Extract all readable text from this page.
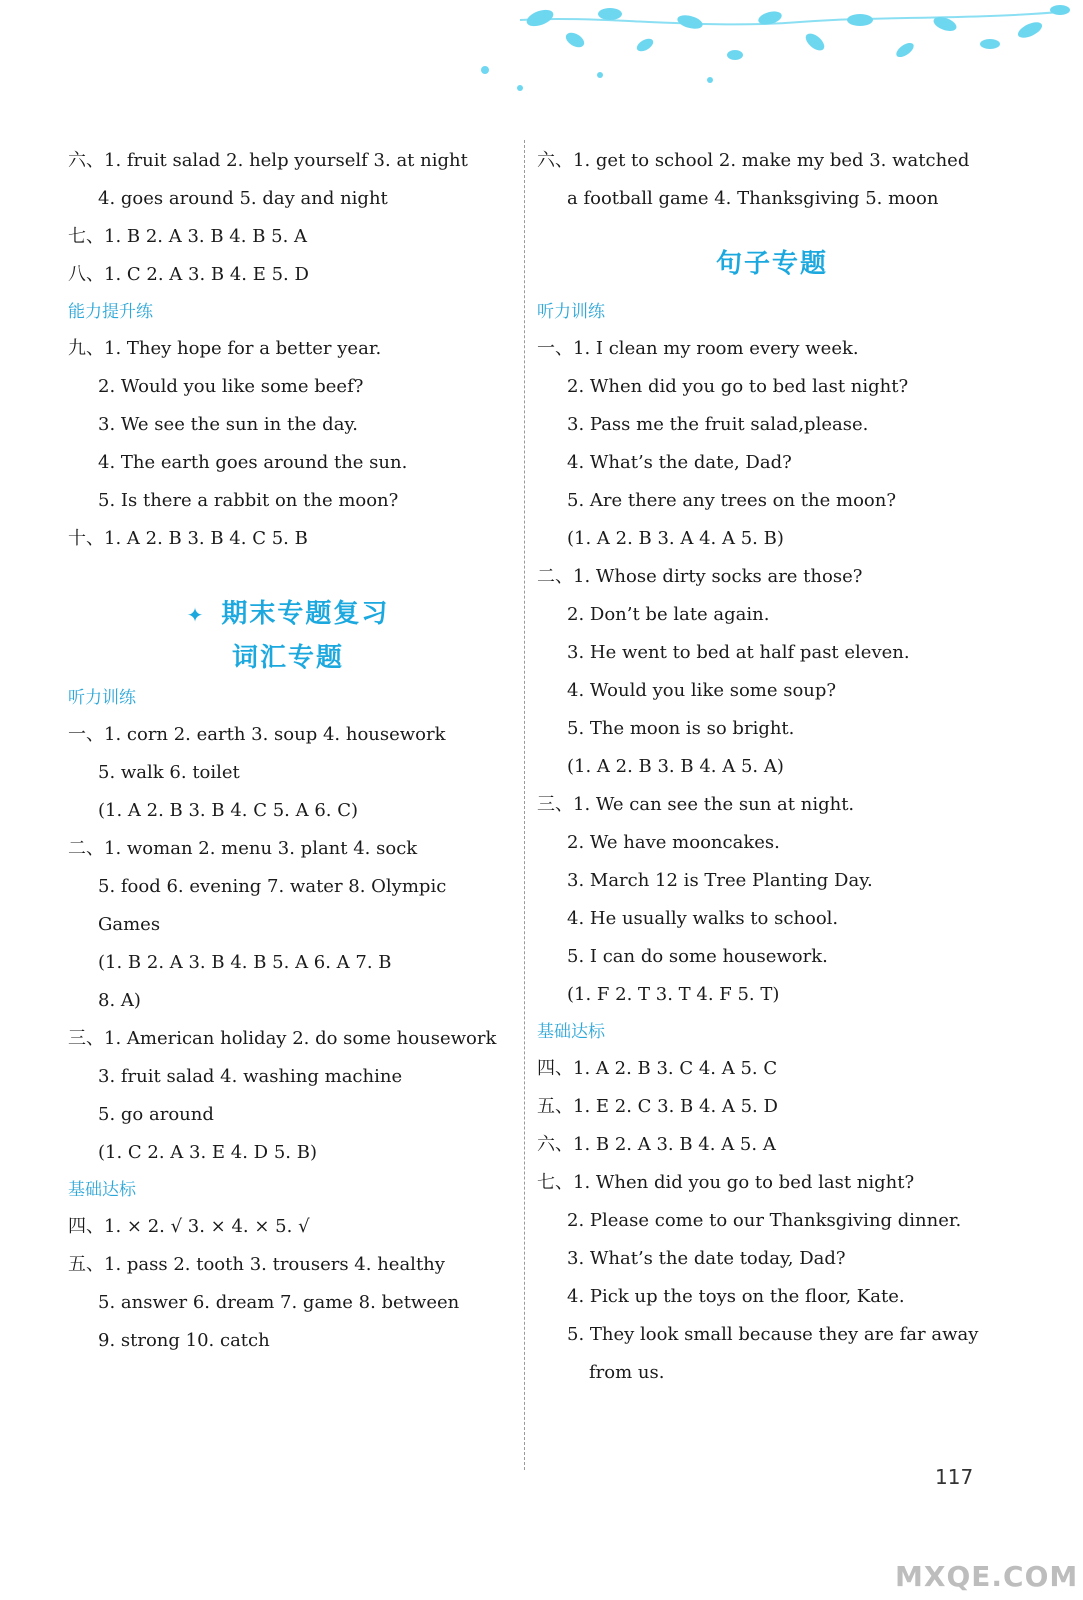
六、1. fruit salad 2. help yourself 3. at night
4. goes around 5. day and night
七、1. B 2. A 3. B 4. B 5. A
八、1. C 2. A 3. B 4. E 5. D
能力提升练
九、1. They hope for a better year.
2. Would you like some beef?
3. We see the sun in the day.
4. The earth goes around the sun.
5. Is there a rabbit on the moon?
十、1. A 2. B 3. B 4. C 5. B
✦ 期末专题复习
词汇专题
听力训练
一、1. corn 2. earth 3. soup 4. housework
5. walk 6. toilet
(1. A 2. B 3. B 4. C 5. A 6. C)
二、1. woman 2. menu 3. plant 4. sock
5. food 6. evening 7. water 8. Olympic
Games
(1. B 2. A 3. B 4. B 5. A 6. A 7. B
8. A)
三、1. American holiday 2. do some housework
3. fruit salad 4. washing machine
5. go around
(1. C 2. A 3. E 4. D 5. B)
基础达标
四、1. × 2. √ 3. × 4. × 5. √
五、1. pass 2. tooth 3. trousers 4. healthy
5. answer 6. dream 7. game 8. between
9. strong 10. catch
六、1. get to school 2. make my bed 3. watched
a football game 4. Thanksgiving 5. moon
句子专题
听力训练
一、1. I clean my room every week.
2. When did you go to bed last night?
3. Pass me the fruit salad,please.
4. What’s the date, Dad?
5. Are there any trees on the moon?
(1. A 2. B 3. A 4. A 5. B)
二、1. Whose dirty socks are those?
2. Don’t be late again.
3. He went to bed at half past eleven.
4. Would you like some soup?
5. The moon is so bright.
(1. A 2. B 3. B 4. A 5. A)
三、1. We can see the sun at night.
2. We have mooncakes.
3. March 12 is Tree Planting Day.
4. He usually walks to school.
5. I can do some housework.
(1. F 2. T 3. T 4. F 5. T)
基础达标
四、1. A 2. B 3. C 4. A 5. C
五、1. E 2. C 3. B 4. A 5. D
六、1. B 2. A 3. B 4. A 5. A
七、1. When did you go to bed last night?
2. Please come to our Thanksgiving dinner.
3. What’s the date today, Dad?
4. Pick up the toys on the floor, Kate.
5. They look small because they are far away
from us.
117
MXQE.COM
